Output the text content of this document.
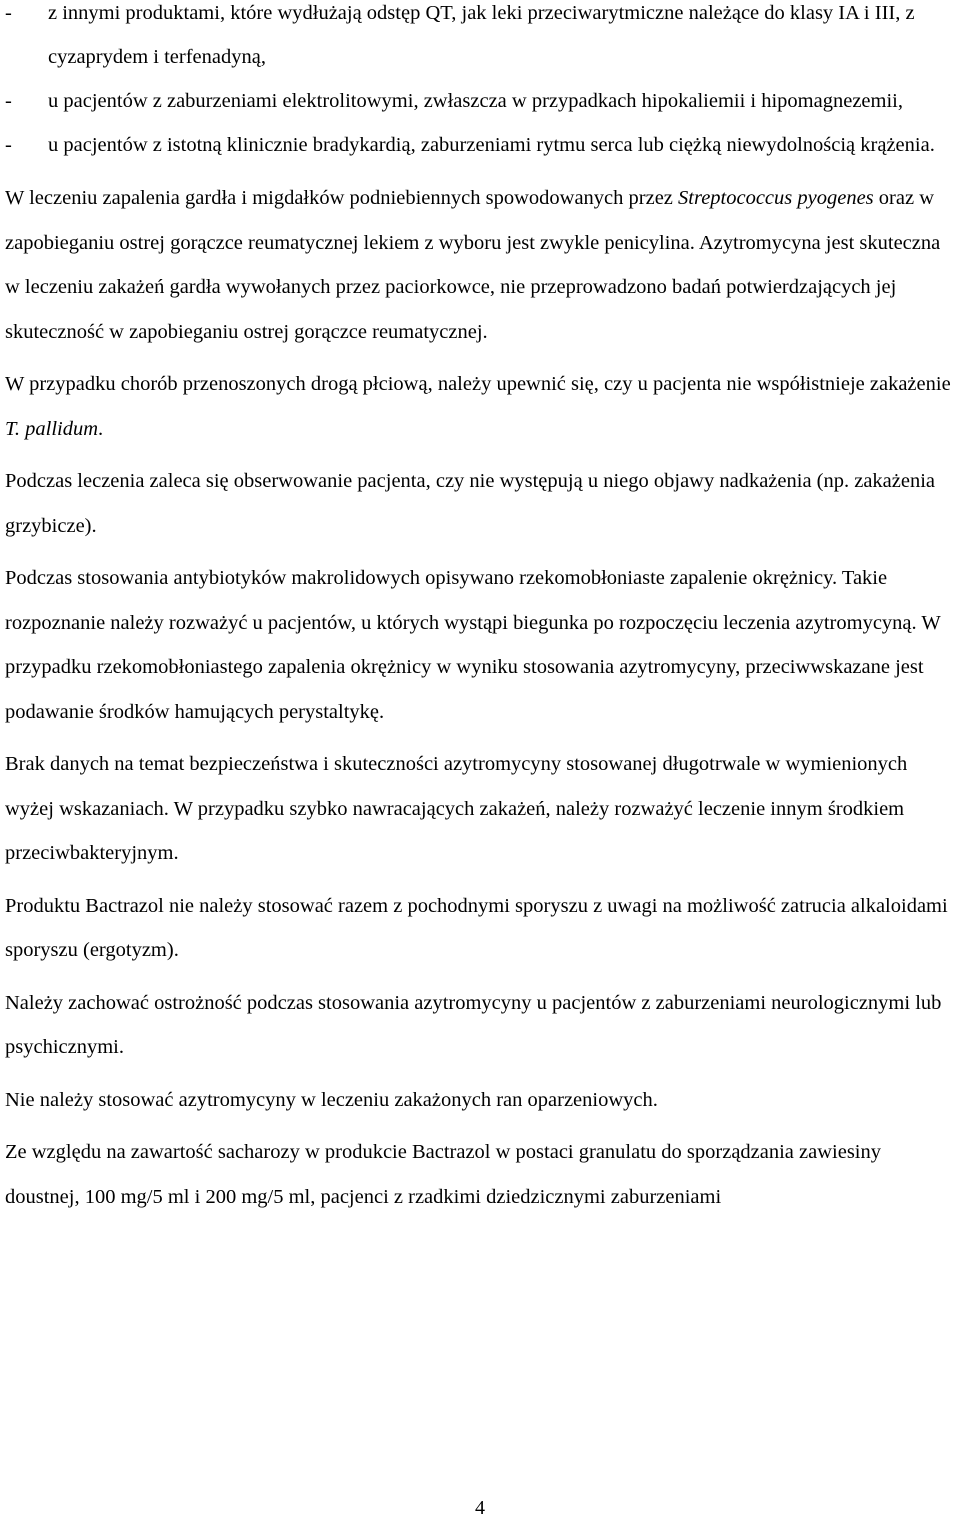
- z innymi produktami, które wydłużają odstęp QT, jak leki przeciwarytmiczne należące do klasy IA i III, z cyzaprydem i terfenadyną,
- u pacjentów z zaburzeniami elektrolitowymi, zwłaszcza w przypadkach hipokaliemii i hipomagnezemii,
- u pacjentów z istotną klinicznie bradykardią, zaburzeniami rytmu serca lub ciężką niewydolnością krążenia.

W leczeniu zapalenia gardła i migdałków podniebiennych spowodowanych przez Streptococcus pyogenes oraz w zapobieganiu ostrej gorączce reumatycznej lekiem z wyboru jest zwykle penicylina. Azytromycyna jest skuteczna w leczeniu zakażeń gardła wywołanych przez paciorkowce, nie przeprowadzono badań potwierdzających jej skuteczność w zapobieganiu ostrej gorączce reumatycznej.

W przypadku chorób przenoszonych drogą płciową, należy upewnić się, czy u pacjenta nie współistnieje zakażenie T. pallidum.

Podczas leczenia zaleca się obserwowanie pacjenta, czy nie występują u niego objawy nadkażenia (np. zakażenia grzybicze).

Podczas stosowania antybiotyków makrolidowych opisywano rzekomobłoniaste zapalenie okrężnicy. Takie rozpoznanie należy rozważyć u pacjentów, u których wystąpi biegunka po rozpoczęciu leczenia azytromycyną. W przypadku rzekomobłoniastego zapalenia okrężnicy w wyniku stosowania azytromycyny, przeciwwskazane jest podawanie środków hamujących perystaltykę.

Brak danych na temat bezpieczeństwa i skuteczności azytromycyny stosowanej długotrwale w wymienionych wyżej wskazaniach. W przypadku szybko nawracających zakażeń, należy rozważyć leczenie innym środkiem przeciwbakteryjnym.

Produktu Bactrazol nie należy stosować razem z pochodnymi sporyszu z uwagi na możliwość zatrucia alkaloidami sporyszu (ergotyzm).

Należy zachować ostrożność podczas stosowania azytromycyny u pacjentów z zaburzeniami neurologicznymi lub psychicznymi.

Nie należy stosować azytromycyny w leczeniu zakażonych ran oparzeniowych.

Ze względu na zawartość sacharozy w produkcie Bactrazol w postaci granulatu do sporządzania zawiesiny doustnej, 100 mg/5 ml i 200 mg/5 ml, pacjenci z rzadkimi dziedzicznymi zaburzeniami

4
